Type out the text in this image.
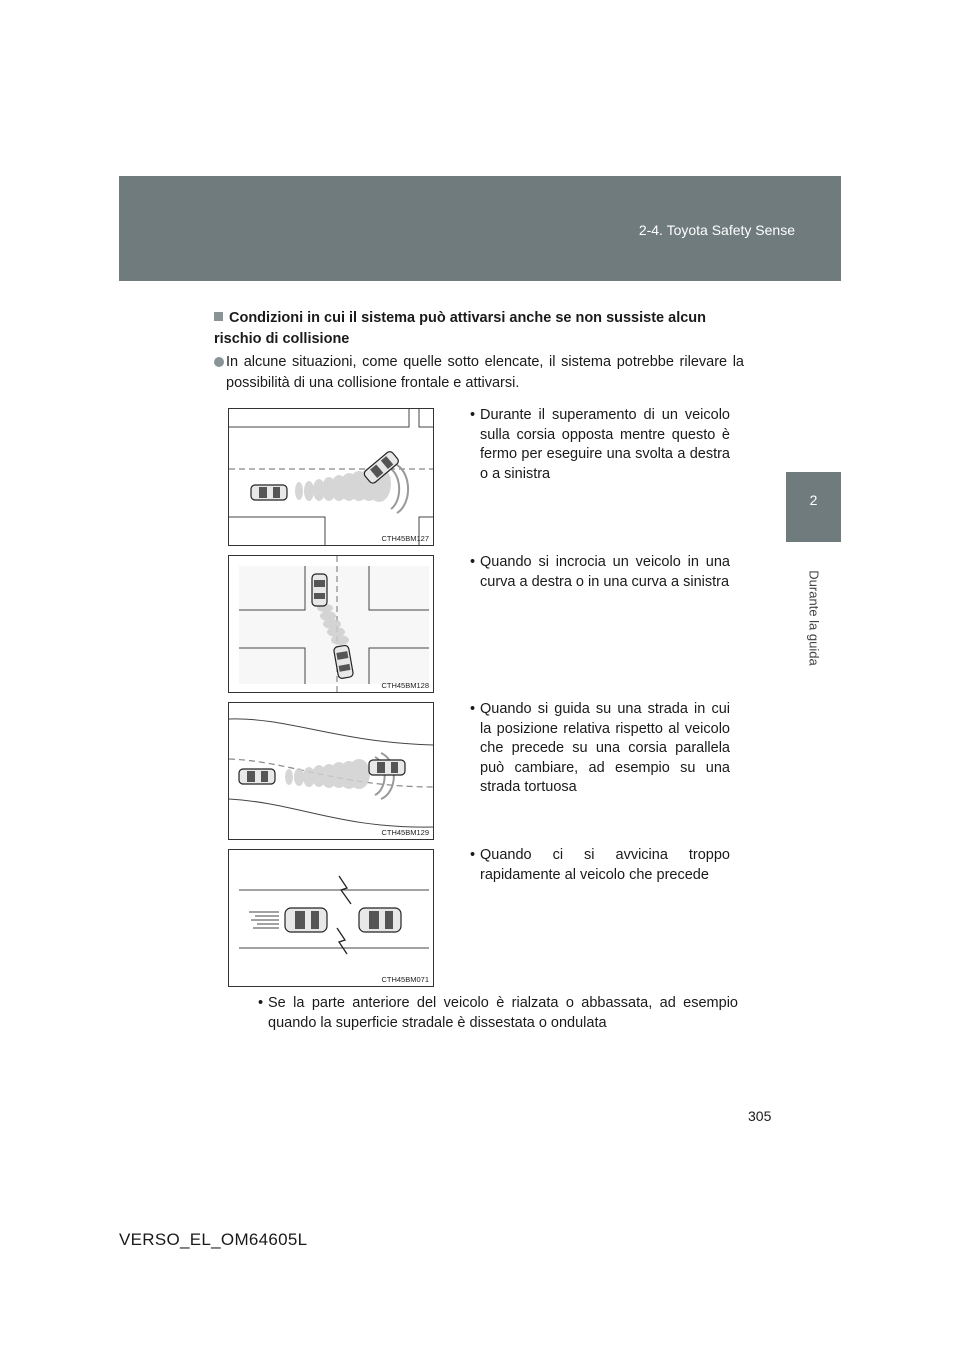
2-4. Toyota Safety Sense
2
Durante la guida
Condizioni in cui il sistema può attivarsi anche se non sussiste alcun rischio di collisione
In alcune situazioni, come quelle sotto elencate, il sistema potrebbe rilevare la possibilità di una collisione frontale e attivarsi.
CTH45BM127
• Durante il superamento di un veicolo sulla corsia opposta mentre questo è fermo per eseguire una svolta a destra o a sinistra
CTH45BM128
• Quando si incrocia un veicolo in una curva a destra o in una curva a sinistra
CTH45BM129
• Quando si guida su una strada in cui la posizione relativa rispetto al veicolo che precede su una corsia parallela può cambiare, ad esempio su una strada tortuosa
CTH45BM071
• Quando ci si avvicina troppo rapidamente al veicolo che precede
• Se la parte anteriore del veicolo è rialzata o abbassata, ad esempio quando la superficie stradale è dissestata o ondulata
305
VERSO_EL_OM64605L
